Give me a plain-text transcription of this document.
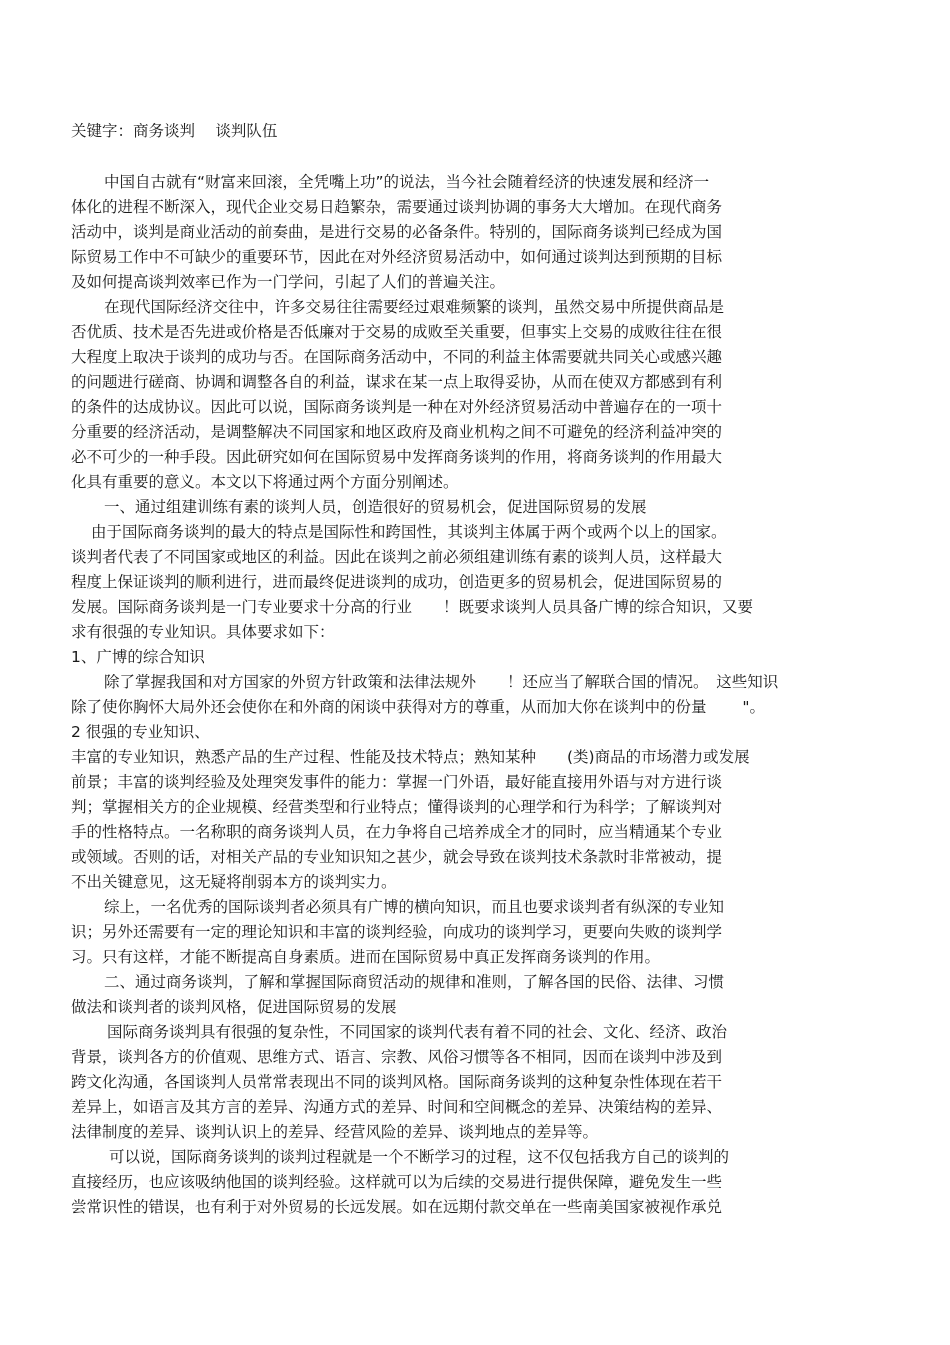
关键字：商务谈判　 谈判队伍
中国自古就有“财富来回滚，全凭嘴上功”的说法，当今社会随着经济的快速发展和经济一
体化的进程不断深入，现代企业交易日趋繁杂，需要通过谈判协调的事务大大增加。在现代商务
活动中，谈判是商业活动的前奏曲，是进行交易的必备条件。特别的，国际商务谈判已经成为国
际贸易工作中不可缺少的重要环节，因此在对外经济贸易活动中，如何通过谈判达到预期的目标
及如何提高谈判效率已作为一门学问，引起了人们的普遍关注。
在现代国际经济交往中，许多交易往往需要经过艰难频繁的谈判，虽然交易中所提供商品是
否优质、技术是否先进或价格是否低廉对于交易的成败至关重要，但事实上交易的成败往往在很
大程度上取决于谈判的成功与否。在国际商务活动中，不同的利益主体需要就共同关心或感兴趣
的问题进行磋商、协调和调整各自的利益，谋求在某一点上取得妥协，从而在使双方都感到有利
的条件的达成协议。因此可以说，国际商务谈判是一种在对外经济贸易活动中普遍存在的一项十
分重要的经济活动，是调整解决不同国家和地区政府及商业机构之间不可避免的经济利益冲突的
必不可少的一种手段。因此研究如何在国际贸易中发挥商务谈判的作用，将商务谈判的作用最大
化具有重要的意义。本文以下将通过两个方面分别阐述。
一、通过组建训练有素的谈判人员，创造很好的贸易机会，促进国际贸易的发展
由于国际商务谈判的最大的特点是国际性和跨国性，其谈判主体属于两个或两个以上的国家。
谈判者代表了不同国家或地区的利益。因此在谈判之前必须组建训练有素的谈判人员，这样最大
程度上保证谈判的顺利进行，进而最终促进谈判的成功，创造更多的贸易机会，促进国际贸易的
发展。国际商务谈判是一门专业要求十分高的行业　　！既要求谈判人员具备广博的综合知识，又要
求有很强的专业知识。具体要求如下：
1、广博的综合知识
除了掌握我国和对方国家的外贸方针政策和法律法规外　　！还应当了解联合国的情况。　这些知识
除了使你胸怀大局外还会使你在和外商的闲谈中获得对方的尊重，从而加大你在谈判中的份量　　 "。
2 很强的专业知识、
丰富的专业知识，熟悉产品的生产过程、性能及技术特点；熟知某种　　(类)商品的市场潜力或发展
前景；丰富的谈判经验及处理突发事件的能力：掌握一门外语，最好能直接用外语与对方进行谈
判；掌握相关方的企业规模、经营类型和行业特点；懂得谈判的心理学和行为科学；了解谈判对
手的性格特点。一名称职的商务谈判人员，在力争将自己培养成全才的同时，应当精通某个专业
或领域。否则的话，对相关产品的专业知识知之甚少，就会导致在谈判技术条款时非常被动，提
不出关键意见，这无疑将削弱本方的谈判实力。
综上，一名优秀的国际谈判者必须具有广博的横向知识，而且也要求谈判者有纵深的专业知
识；另外还需要有一定的理论知识和丰富的谈判经验，向成功的谈判学习，更要向失败的谈判学
习。只有这样，才能不断提高自身素质。进而在国际贸易中真正发挥商务谈判的作用。
二、通过商务谈判，了解和掌握国际商贸活动的规律和准则，了解各国的民俗、法律、习惯
做法和谈判者的谈判风格，促进国际贸易的发展
国际商务谈判具有很强的复杂性，不同国家的谈判代表有着不同的社会、文化、经济、政治
背景，谈判各方的价值观、思维方式、语言、宗教、风俗习惯等各不相同，因而在谈判中涉及到
跨文化沟通，各国谈判人员常常表现出不同的谈判风格。国际商务谈判的这种复杂性体现在若干
差异上，如语言及其方言的差异、沟通方式的差异、时间和空间概念的差异、决策结构的差异、
法律制度的差异、谈判认识上的差异、经营风险的差异、谈判地点的差异等。
可以说，国际商务谈判的谈判过程就是一个不断学习的过程，这不仅包括我方自己的谈判的
直接经历，也应该吸纳他国的谈判经验。这样就可以为后续的交易进行提供保障，避免发生一些
尝常识性的错误，也有利于对外贸易的长远发展。如在远期付款交单在一些南美国家被视作承兑
